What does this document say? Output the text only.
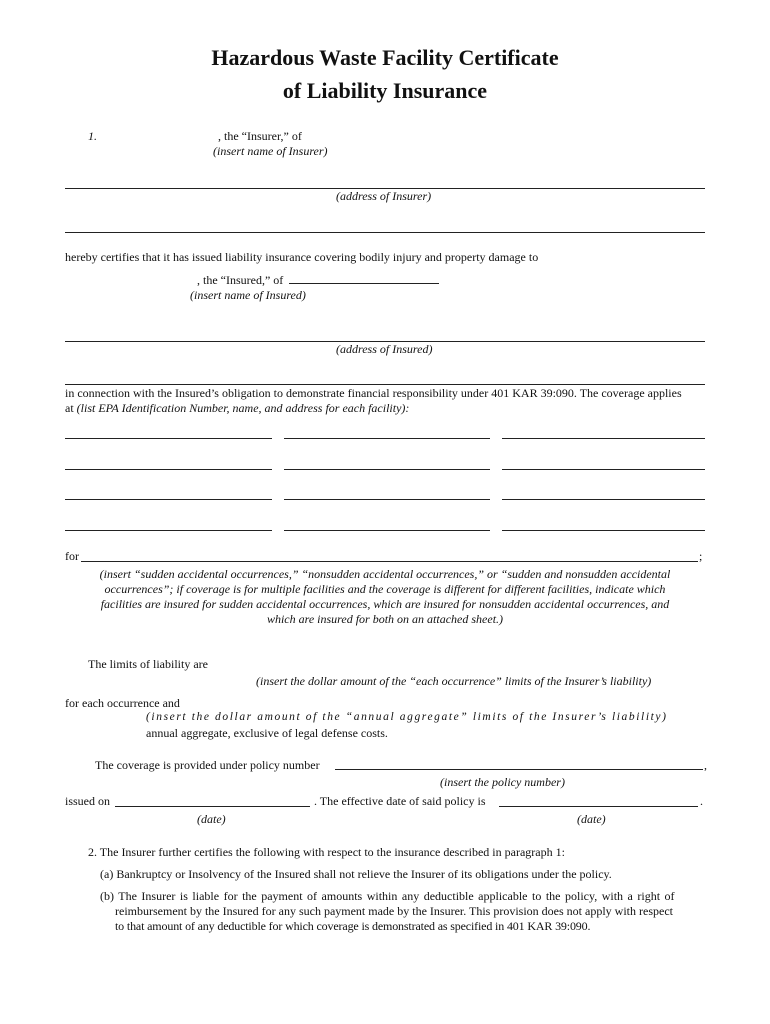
Hazardous Waste Facility Certificate
of Liability Insurance
1.	, the “Insurer,” of
(insert name of Insurer)
(address of Insurer)
hereby certifies that it has issued liability insurance covering bodily injury and property damage to
, the “Insured,” of
(insert name of Insured)
(address of Insured)
in connection with the Insured’s obligation to demonstrate financial responsibility under 401 KAR 39:090. The coverage applies
at (list EPA Identification Number, name, and address for each facility):
for	;
(insert “sudden accidental occurrences,” “nonsudden accidental occurrences,” or “sudden and nonsudden accidental
occurrences”; if coverage is for multiple facilities and the coverage is different for different facilities, indicate which
facilities are insured for sudden accidental occurrences, which are insured for nonsudden accidental occurrences, and
which are insured for both on an attached sheet.)
The limits of liability are
(insert the dollar amount of the “each occurrence” limits of the Insurer’s liability)
for each occurrence and
(insert the dollar amount of the “annual aggregate” limits of the Insurer’s liability)
annual aggregate, exclusive of legal defense costs.
The coverage is provided under policy number	,
(insert the policy number)
issued on	. The effective date of said policy is	.
(date)	(date)
2. The Insurer further certifies the following with respect to the insurance described in paragraph 1:
(a) Bankruptcy or Insolvency of the Insured shall not relieve the Insurer of its obligations under the policy.
(b) The Insurer is liable for the payment of amounts within any deductible applicable to the policy, with a right of
reimbursement by the Insured for any such payment made by the Insurer. This provision does not apply with respect
to that amount of any deductible for which coverage is demonstrated as specified in 401 KAR 39:090.
